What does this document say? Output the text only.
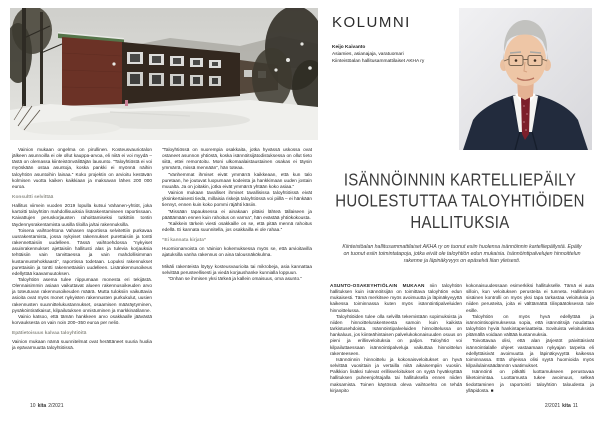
Vainion mukaan ongelma on pirullinen. Kosteusvauriotalon jälkeen asunnoilla ei ole ollut kauppa-arvoa, eli niitä ei voi myydä – tästä on olemassa kiinteistönvälittäjän lausunto. ”Taloyhtiöstä ei voi myöskään ostaa asuntoja, koska pankki ei myönnä näihin taloyhtiön asuntoihin lainaa.” Koko projektin on arvioitu kestävän kolmisen vuotta kaiken kaikkiaan ja maksavan lähes 200 000 euroa.

Konsultti selvittää

Hallitus viimein vuoden 2019 lopulla kutsui Vahanen-yhtiöt, joka kartoitti taloyhtiön mahdollisuuksia lisärakentamiseen raportissaan. Kaivattujen peruskorjausten rahoittamiseksi tutkittiin tontin täydennysrakentamista uusilla tiloilla ja/tai rakennuksilla.

Toisena vaihtoehtona Vahasen raportissa selvitettiin purkavaa uusrakentamista, jossa nykyiset rakennukset purettaisiin ja tontti rakennettaisiin uudelleen. Tässä vaihtoehdossa ”nykyiset asuinrakennukset ajettaisiin hallitusti alas ja tulevia korjauksia tehtäisiin vain tarvittaessa ja vain mahdollisimman kustannustehokkaasti”, raportissa todetaan. Lopuksi rakennukset purettaisiin ja tontti rakennettaisiin uudelleen. Lisärakennusoikeus edellyttää kaavamuutoksen.

Taloyhtiön asema tulee riippumaan monesta eri tekijästä. Olennaisimmin asiaan vaikuttavat alueen rakennusoikeuden arvo ja toteutuvan rakennusoikeuden määrä. Mutta tuloksiin vaikuttavia asioita ovat myös monet nykyisten rakennusten purkukulut, uusien rakennusten suunnittelukustannukset, osaamisen määräytyminen, pysäköintiratkaisut, kilpailutuksen onnistuminen ja markkinatilanne.

Vainio katsoo, että tämän hankkeen arvo osakkaalle jäävästä korvauksesta on vain noin 200–350 euroa per neliö.

Epätietoisuus kalvaa taloyhtiöitä

Vainion mukaan nämä suunnitelmat ovat herättäneet suuria huolia ja epävarmuutta taloyhtiöissä.

”Taloyhtiössä on nuorempia osakkaita, jotka hyvässä uskossa ovat ostaneet asunnon yhtiöstä, koska isännöitsijätodistuksessa on ollut tieto siitä, ettei remontoitu. Moni ulkomaalaistaustainen osakas ei täysin ymmärrä, missä mennään”, hän toteaa.

”Vanhemmat ihmiset eivät ymmärrä kaikkeaan, että kun talo puretaan, he joutuvat luopumaan kodeista ja hankkimaan uuden jostain muualta. Ja on joitakin, jotka eivät ymmärrä yhtään koko asiaa.”

Vainion mukaan tavalliset ihmiset tavallisissa taloyhtiöissä eivät yksinkertaisesti tiedä, millaisia riskejä taloyhtiössä voi piillä – ei hänkään tiennyt, ennen kuin koko pommi räjähti käsiin.

”Missään tapauksessa ei ainakaan pitäisi lähteä tällaiseen ja päättämään ennen kuin rahoitus on varma”, hän evästää yhtiökokousta.

”Kaikkein tärkein viesti osakkaille on se, että pitää mennä rahoitus edellä. Ei kannata suunnitella, jos osakkailla ei ole rahaa.”

”Ei kannata kirjata”

Huomionarvoista on Vainion kokemuksessa myös se, että arvioitavilla ajatuksilla vanha rakennus on aina talousnäkökulma.

Mikäli rakenteista löytyy kosteusvaurioita tai mikrobeja, asia kannattaa selvittää perusteellisesti ja viedä korjaushanke kunnialla loppuun.

”Onhan se ihmisen yksi tärkeä ja kallein omaisuus, oma asunto.”

KOLUMNI
Keijo Kaivanto
Asiamies, asianajaja, varatuomari
Kiinteistöalan hallitusammattilaiset AKHA ry
ISÄNNÖINNIN KARTELLIEPÄILY
HUOLESTUTTAA TALOYHTIÖIDEN
HALLITUKSIA
Kiinteistöalan hallitusammattilaiset AKHA ry on tuonut esiin huolensa isännöinnin kartelliepäilystä. Epäily on tuonut esiin toimintatapoja, jotka eivät ole taloyhtiön edun mukaisia. Isännöintipalvelujen hinnoittelun rakenne ja läpinäkyvyys on epäselvä liian yleisesti.

ASUNTO-OSAKEYHTIÖLAIN MUKAAN niin taloyhtiön hallituksen kuin isännöitsijän on toimittava taloyhtiön edun mukaisesti. Tämä merkitsee myös avoimuutta ja läpinäkyvyyttä kaikessa toiminnassa kuten myös isännöintipalveluiden hinnoittelussa.

Taloyhtiöiden tulee olla selvillä tekemistään sopimuksista ja niiden hinnoittelurakenteesta samoin kuin kaikista tarkistusehdoista. Isännöintipalveluiden hinnoittelussa on hankaluus, jos kiinteähintaisen palvelukokonaisuuden osuus on pieni ja erillisveloituksia on paljon. Taloyhtiö voi kilpailuttaessaan isännöintipalveluja vaikuttaa hinnoittelun rakenteeseen.

Isännöinnin hinnoittelu ja kokonaisveloitukset on hyvä selvittää vuosittain ja vertailla niitä aikaisempiin vuosiin. Palkkion lisäksi tulevat erillisveloitukset on syytä hyväksyttää hallituksen puheenjohtajalla tai hallituksella ennen niiden maksamista. Toinen käytössä oleva vaihtoehto on tehdä kirjanpito

kokonaisuudessaan esimerkiksi hallitukselle. Tämä ei auta silloin, kun veloituksen perusteita ei tunneta. Hallituksen sisäinen kontrolli on myös yksi tapa tarkastaa veloituksia ja niiden perusteita, joita ei välttämättä tilinpäätöksessä tule esille.

Taloyhtiön on myös hyvä edellyttää ja isännöintisopimuksessa sopia, että isännöitsijä noudattaa taloyhtiön hyviä hankintaperiaatteita. Sovituista veloituksista pitämällä voidaan välttää kustannuksia.

Toivottavaa olisi, että alan järjestöt päivittäisivät isännöintialalle ohjeet vastaamaan nykyajan tarpeita eli edellyttäisivät avoimuutta ja läpinäkyvyyttä kaikessa toiminnassa. Että ohjeissa olisi syytä huomioida myös kilpailulainsäädännön vaatimukset.

Isännöinti on pitkälti luottamukseen perustuvaa liiketoimintaa. Luottamusta tukee avoimuus, selkeä tiedottaminen ja raportointi taloyhtiön taloudesta ja ylläpidosta. ■

10 kita 2/2021	2/2021 kita 11
